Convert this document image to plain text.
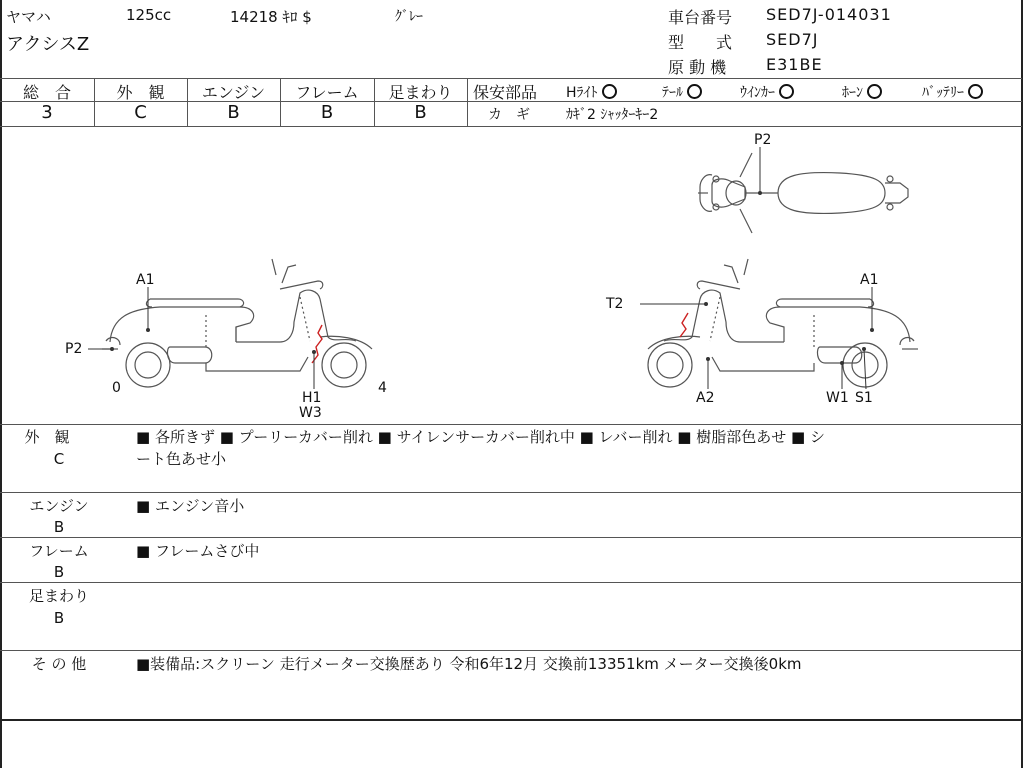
ヤマハ	125cc	14218 ｷﾛ $	ｸﾞﾚｰ
アクシスZ
車台番号 SED7J-014031
型　　式 SED7J
原 動 機 E31BE
総　合
3
外　観
C
エンジン
B
フレーム
B
足まわり
B
保安部品 Hﾗｲﾄ	ﾃｰﾙ	ｳｲﾝｶｰ	ﾎｰﾝ	ﾊﾞｯﾃﾘｰ
カ　ギ	ｶｷﾞ2 ｼｬｯﾀｰｷｰ2
P2
A1
P2
0	4
H1
W3
T2
A1
A2	W1 S1
外　観
C
■ 各所きず ■ プーリーカバー削れ ■ サイレンサーカバー削れ中 ■ レバー削れ ■ 樹脂部色あせ ■ シ
ート色あせ小
エンジン
B
■ エンジン音小
フレーム
B
■ フレームさび中
足まわり
B
そ の 他	■装備品:スクリーン 走行メーター交換歴あり 令和6年12月 交換前13351km メーター交換後0km
